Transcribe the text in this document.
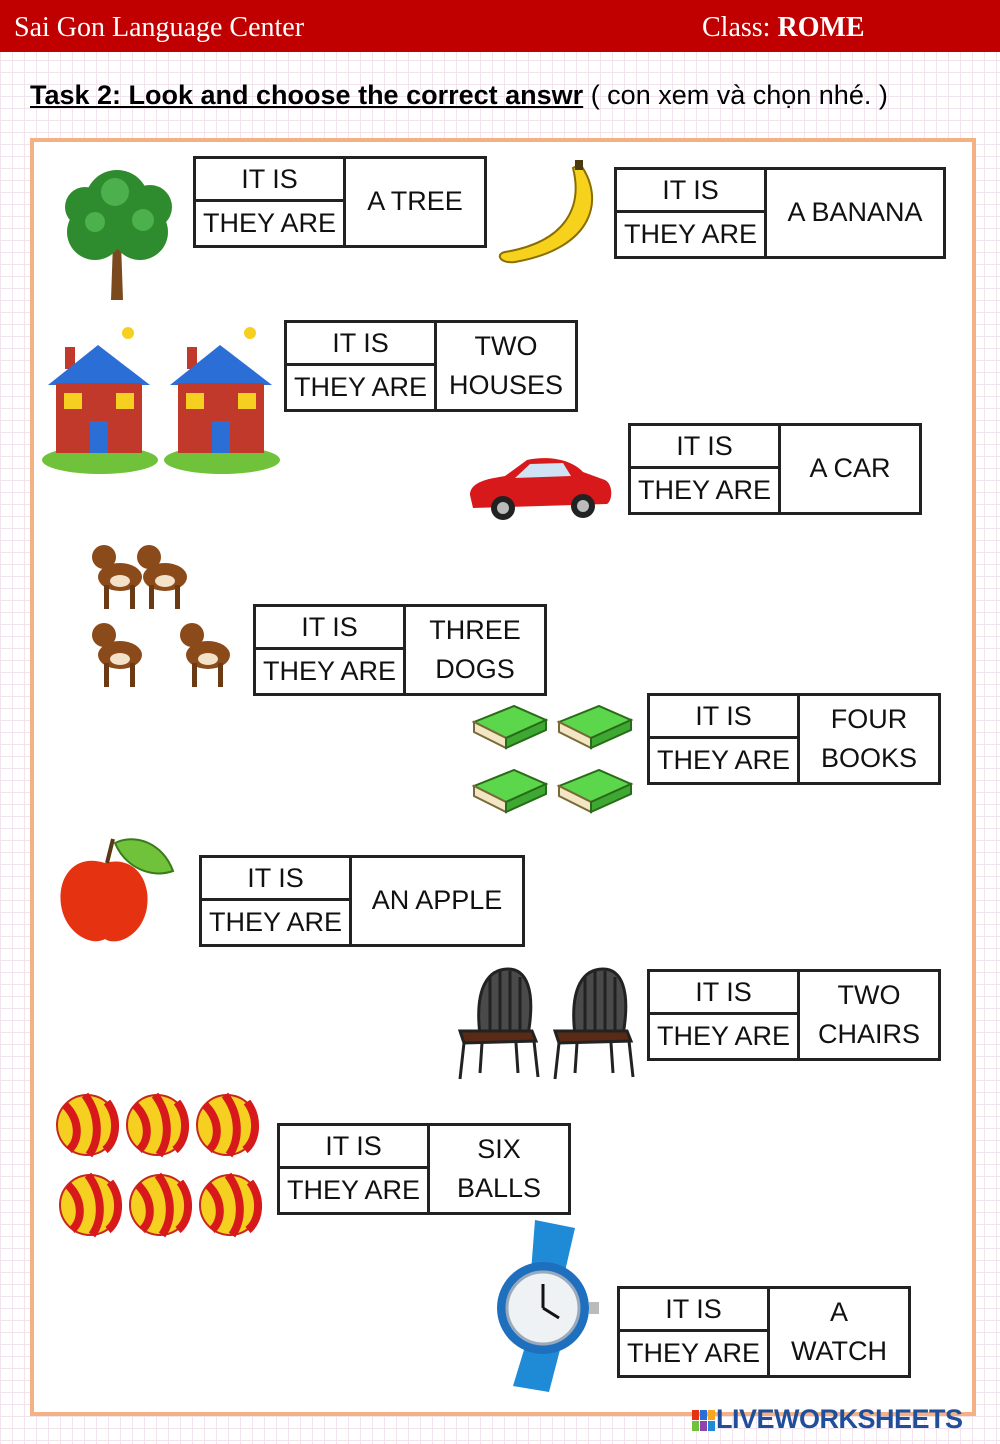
Sai Gon Language Center	Class: ROME
Task 2: Look and choose the correct answr ( con xem và chọn nhé. )
IT IS
THEY ARE
A TREE	IT IS
THEY ARE
A BANANA
IT IS
THEY ARE
TWO
HOUSES
IT IS
THEY ARE
A CAR
IT IS
THEY ARE
THREE
DOGS
IT IS
THEY ARE
FOUR
BOOKS
IT IS
THEY ARE
AN APPLE
IT IS
THEY ARE
TWO
CHAIRS
IT IS
THEY ARE
SIX
BALLS
IT IS
THEY ARE
A
WATCH
LIVEWORKSHEETS
